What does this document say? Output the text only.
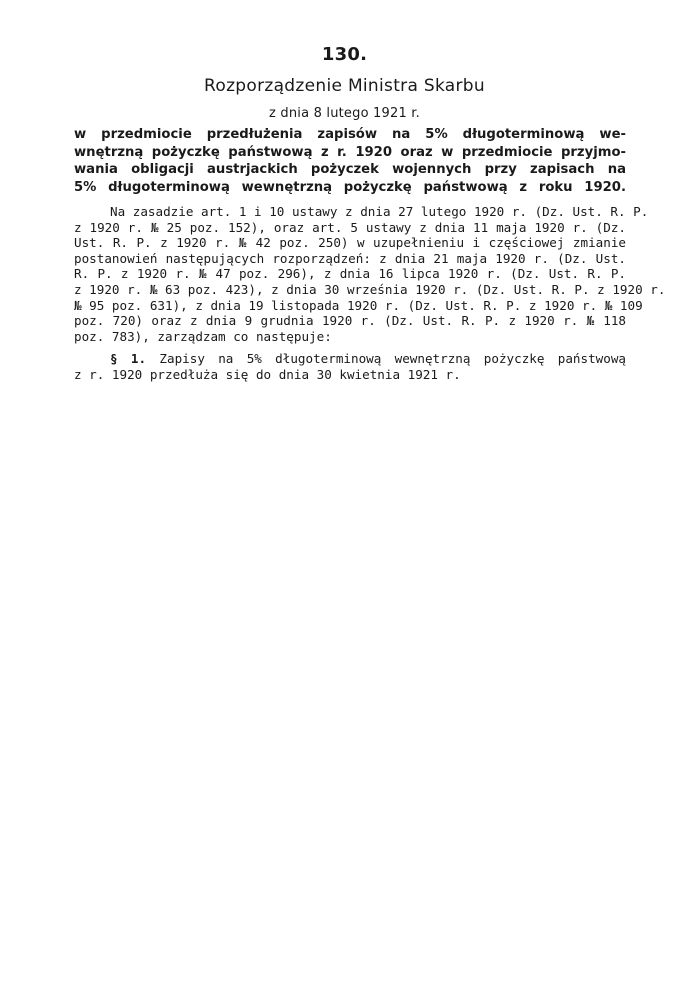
130.
Rozporządzenie Ministra Skarbu
z dnia 8 lutego 1921 r.
w przedmiocie przedłużenia zapisów na 5% długoterminową we-
wnętrzną pożyczkę państwową z r. 1920 oraz w przedmiocie przyjmo-
wania obligacji austrjackich pożyczek wojennych przy zapisach na
5% długoterminową wewnętrzną pożyczkę państwową z roku 1920.
Na zasadzie art. 1 i 10 ustawy z dnia 27 lutego 1920 r. (Dz. Ust. R. P.
z 1920 r. № 25 poz. 152), oraz art. 5 ustawy z dnia 11 maja 1920 r. (Dz.
Ust. R. P. z 1920 r. № 42 poz. 250) w uzupełnieniu i częściowej zmianie
postanowień następujących rozporządzeń: z dnia 21 maja 1920 r. (Dz. Ust.
R. P. z 1920 r. № 47 poz. 296), z dnia 16 lipca 1920 r. (Dz. Ust. R. P.
z 1920 r. № 63 poz. 423), z dnia 30 września 1920 r. (Dz. Ust. R. P. z 1920 r.
№ 95 poz. 631), z dnia 19 listopada 1920 r. (Dz. Ust. R. P. z 1920 r. № 109
poz. 720) oraz z dnia 9 grudnia 1920 r. (Dz. Ust. R. P. z 1920 r. № 118
poz. 783), zarządzam co następuje:
§ 1. Zapisy na 5% długoterminową wewnętrzną pożyczkę państwową
z r. 1920 przedłuża się do dnia 30 kwietnia 1921 r.
